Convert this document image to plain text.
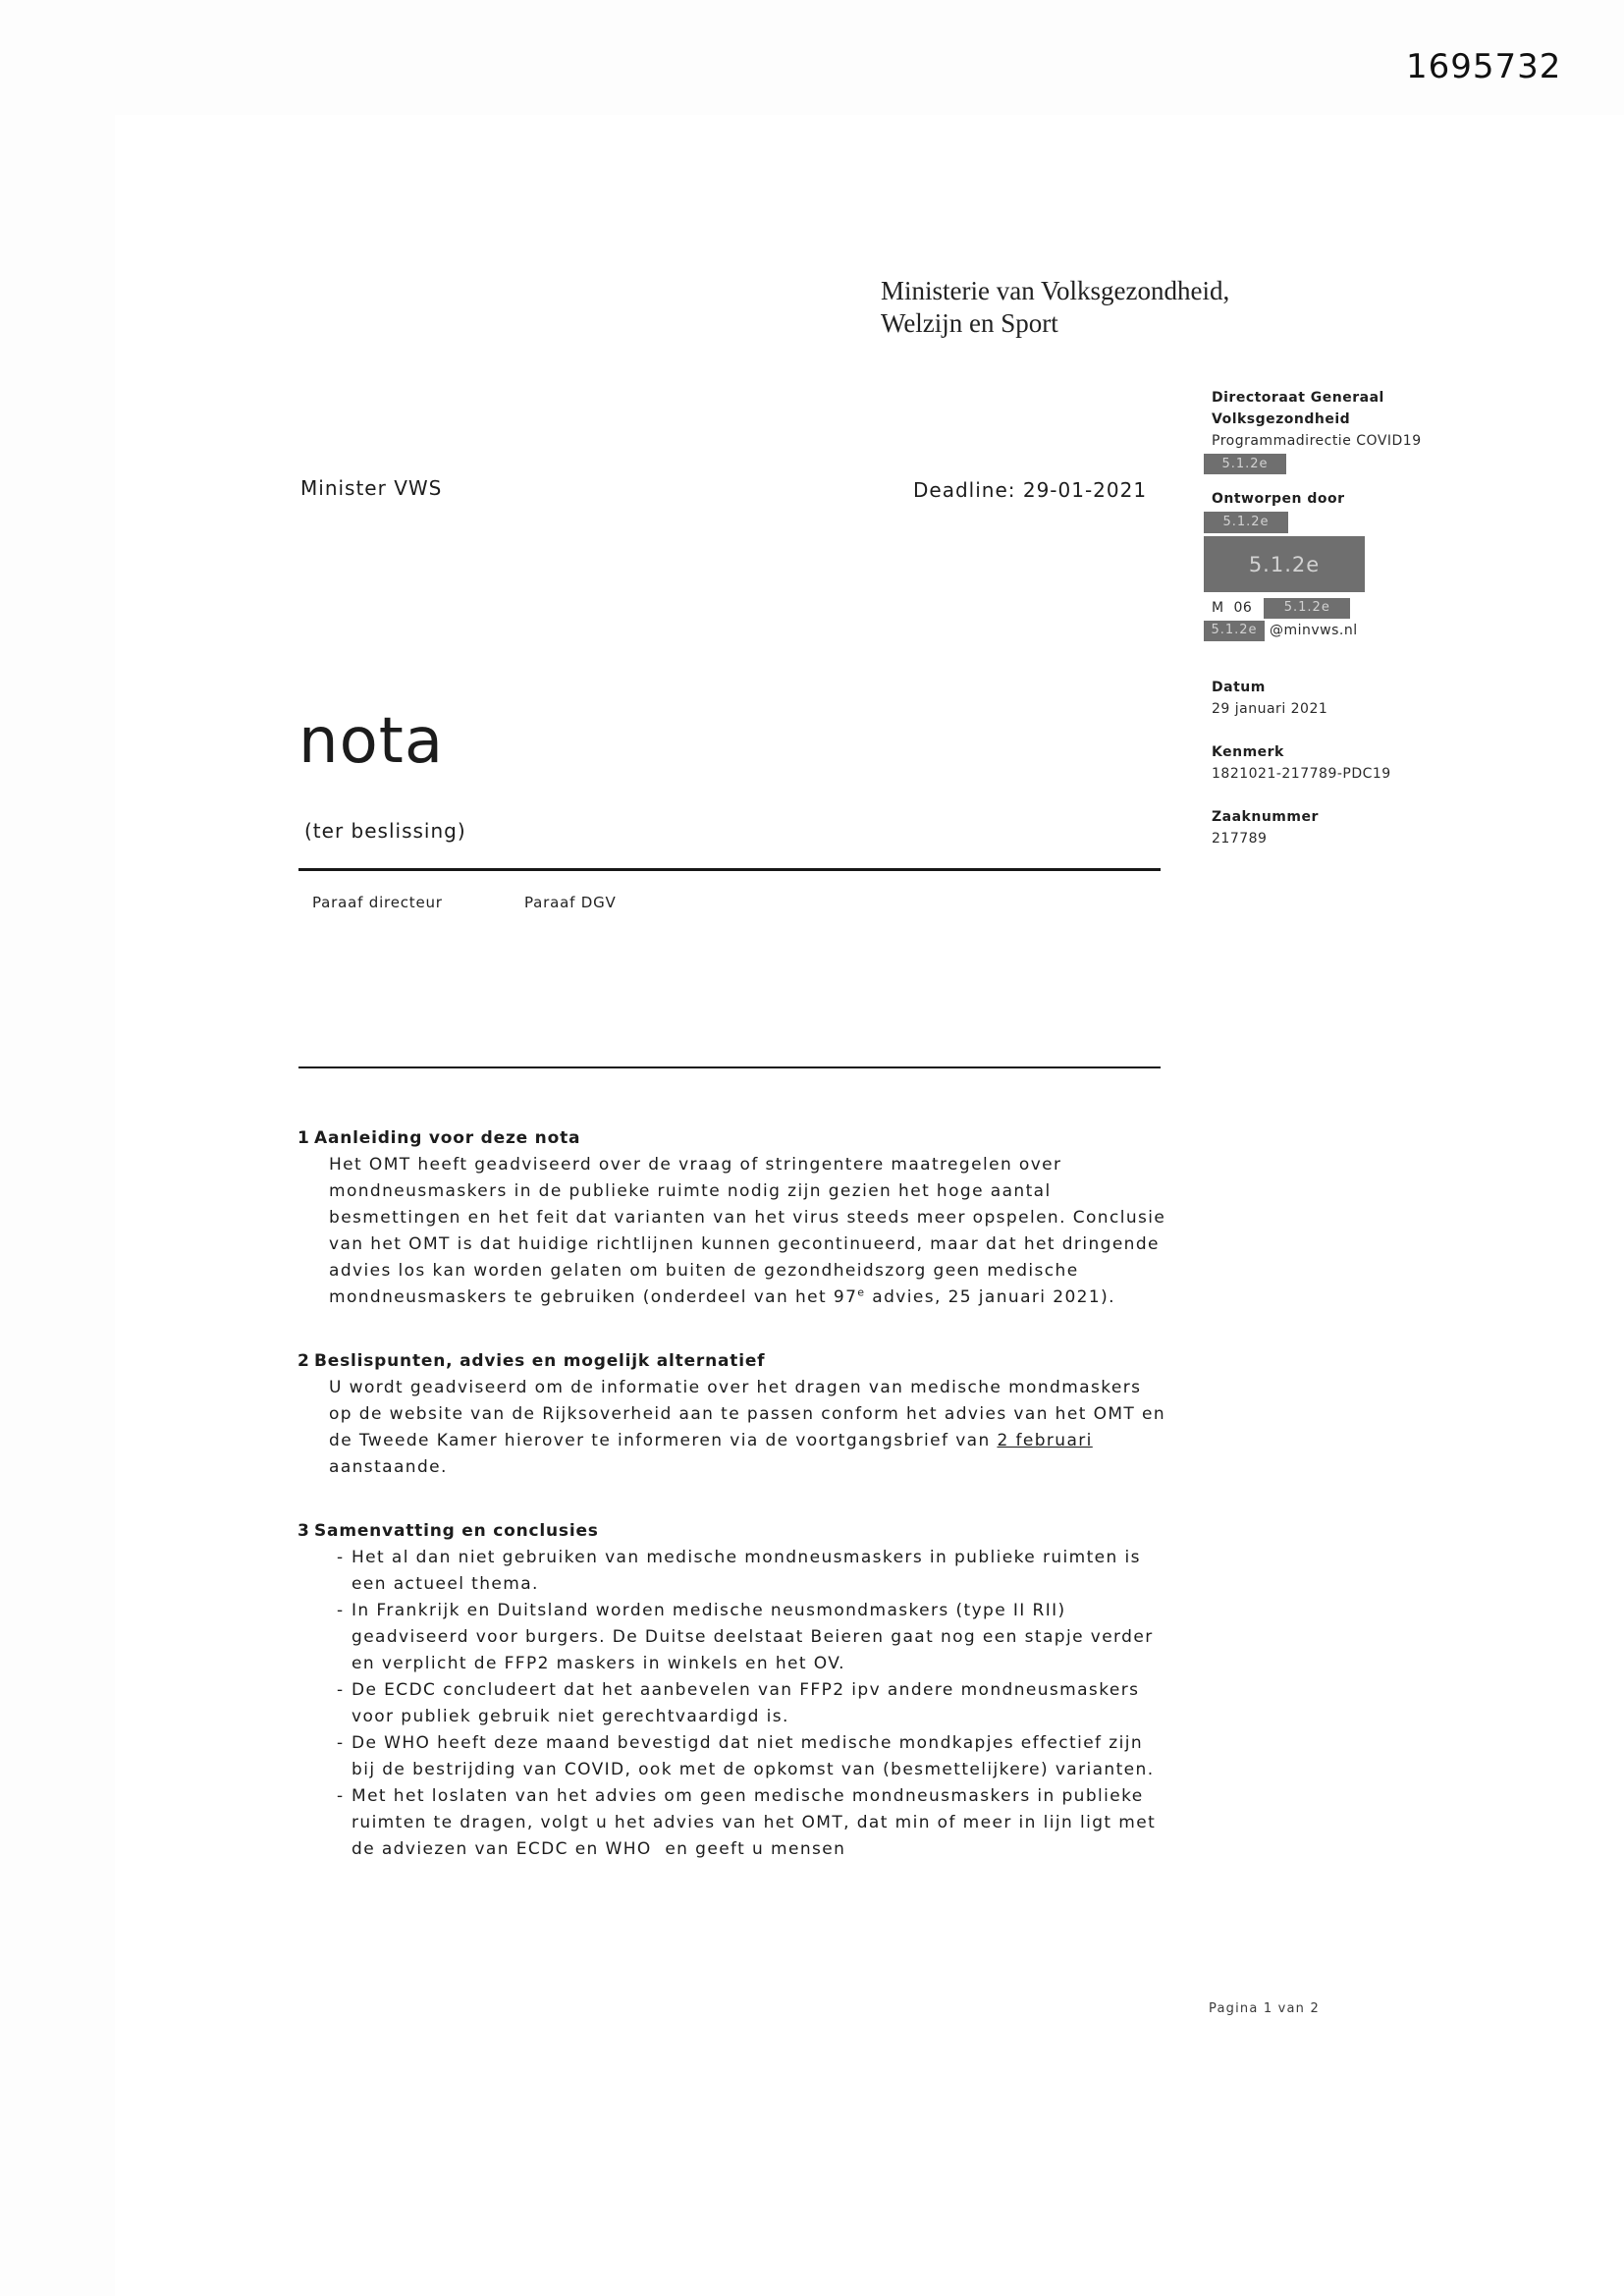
1695732
Ministerie van Volksgezondheid,
Welzijn en Sport
Minister VWS	Deadline: 29-01-2021
Directoraat Generaal
Volksgezondheid
Programmadirectie COVID19
5.1.2e
Ontworpen door
5.1.2e
5.1.2e
M  06	5.1.2e
5.1.2e @minvws.nl
Datum
29 januari 2021
Kenmerk
1821021-217789-PDC19
Zaaknummer
217789
nota
(ter beslissing)
Paraaf directeur	Paraaf DGV
1 Aanleiding voor deze nota

Het OMT heeft geadviseerd over de vraag of stringentere maatregelen over mondneusmaskers in de publieke ruimte nodig zijn gezien het hoge aantal besmettingen en het feit dat varianten van het virus steeds meer opspelen. Conclusie van het OMT is dat huidige richtlijnen kunnen gecontinueerd, maar dat het dringende advies los kan worden gelaten om buiten de gezondheidszorg geen medische mondneusmaskers te gebruiken (onderdeel van het 97e advies, 25 januari 2021).

2 Beslispunten, advies en mogelijk alternatief

U wordt geadviseerd om de informatie over het dragen van medische mondmaskers op de website van de Rijksoverheid aan te passen conform het advies van het OMT en de Tweede Kamer hierover te informeren via de voortgangsbrief van 2 februari aanstaande.

3 Samenvatting en conclusies
- Het al dan niet gebruiken van medische mondneusmaskers in publieke ruimten is een actueel thema.
- In Frankrijk en Duitsland worden medische neusmondmaskers (type II RII) geadviseerd voor burgers. De Duitse deelstaat Beieren gaat nog een stapje verder en verplicht de FFP2 maskers in winkels en het OV.
- De ECDC concludeert dat het aanbevelen van FFP2 ipv andere mondneusmaskers voor publiek gebruik niet gerechtvaardigd is.
- De WHO heeft deze maand bevestigd dat niet medische mondkapjes effectief zijn bij de bestrijding van COVID, ook met de opkomst van (besmettelijkere) varianten.
- Met het loslaten van het advies om geen medische mondneusmaskers in publieke ruimten te dragen, volgt u het advies van het OMT, dat min of meer in lijn ligt met de adviezen van ECDC en WHO  en geeft u mensen
Pagina 1 van 2
